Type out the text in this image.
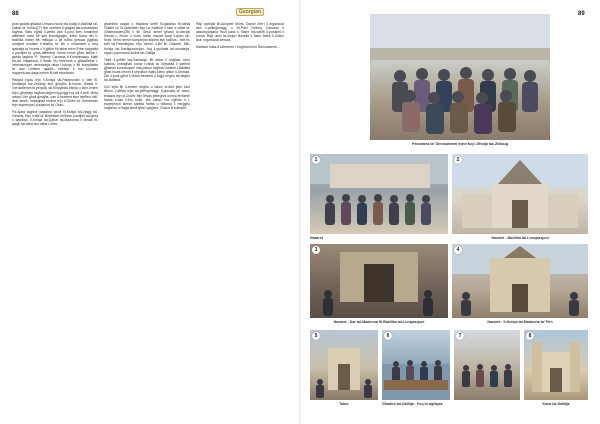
88	Georgian

post qaddis għalina l-Insara huwa bla dubju il-bazilika tal-Qabar ta' Kristu(27) fejn sebħew il-ġrajjiet tas-salvazzjoni tagħna. Bies ngħid il-wettit dan il-post kien totalment differenti minn kif qiet immaġinajtu. Minn barra din il-bażilika tidher ftit mitluqa u kif tidħol ġewwa jiġġħak ambjent mudlam b'sħaħru ta' ziti u ornamenti u rtha qawwija ta' incens u li jġibor fih aktar minn Erbin kappella u postijiet ta' qima differenti. Kienu mhux għax kellna l-gwida tagħna Fr 'Noemy Caruana il-Kummissarju Malti tal-Art Imqaddsa, li fisser lilu fehemna u għaddielna l-informazzjoni necessarja dwar l-istorja u ftit kumplikata ta' dan l-imkien qaddis, naħseb li ma konniex nappreżżaw daqs kemm fil-fatt inkwistatu.

Ħarġna nqdu lejn il-Knisja tal-Patarnoster u talb fil-Muntanja taż-Żebbuġ fejn ġimgħu lil-huma. Wasal il-Ġerusalemm fil-perjodu tal-Kristjanità bikrija u kien żmien fejn l-għajnejn tagħna dejjem tippoġġi fuq dik il-belt. Meta wasal l-ħin għall-ġimgħa, dan il-mument kien wieħed mill-iktar sbieħ. Imbagħad inżilna lejn il-Ġnien ta' Ġetsemani fejn stqarrejna l-pazjenza ta' Ġesù.

Fiż-żjara tagħna wasalna wkoll fil-Knisja tal-Vjaġġ tal-Ġewwa, fejn it-tfal ta' Betlehem kellhom postijiet tal-qima u qaddisa. Il-Knisja tal-Qabar tal-Madonna li tinsab fil-qiegħ tal-wied tan-naħa l-oħra.

għamilna waqfa u tħaddna sebħ fil-qaddisa fit-naħal Għarbi ta' lil-Qubeibeh fejn hu matbuħ li kien ir-raħal ta' Għammawes(35) li fih Ġesù dehel għand id-dixxipli Kleofa u Xmun u wara nofsu mxulat waqt il-qsim tal-ħobż. Minn hemm komplejna triqitna lejn Nablus - belt fit-taħt tal-Palestinjani, fejn hemm il-Bir ta' Ġakobb. Mill-Knisja tat-Trasfigurazzjoni, fuq il-quċċata tal-muntanja, rajna l-panorama kollha tal-Galilija.

Tafrit il-qofliet tas-Samarija, fitt aktar li bagħad minn Nablus, imbagħad żorna r-raħal ta' Sebastia li wiehed jgħandu konnessjoni mal-patrun tagħna Ġwanni l-Battista għax huwa hemm li sepulturi nqtilu kienu qtiluh il-Ġewwa. Din il-post jgħid li huwa ttemmet il-ħajja tiegħu tat-tiegħu tal-Battista.

Kull lejla fih it-tmiem tiegħu u dawn id-diet jiem taru lilhom, l-aħħar lejla tal-pellegrinaġġ. Il-ġurnata ta' wara, telaqna lejn id-Duver fejn bħala pellegrini konna ferħanin ħafna b'dak il-ħin kollu. Ma nistax ma ngħidx li l-esperjenza kienet sabiħa ħafna u nittama li nerġgħu nagħmlu xi ħaġa simili għal l-ġejjieni. Grazzi lil kulħadd.

Ħajr speċjali lill-Arċipriet Mons. Daniel Xerri li organizza dan il-pellegrinaġġ, u lill-Patri Noemy Caruana li akkumpanjana f'kull pass u fisser bis-sabiħ il-postijiet li żorna. Ħajr ukoll lis-sinjuri Bonello li ħadu ħsieb li kollox ikun organizzat sewwa.

Madwar fidas-8 kilometru 'l bogħod minn Ġerusalemm...

89
Panorama ta' Ġerusalemm minn fuq l-Għolja taż-Żebbuġ
1
Nazaret
2
Nazaret - Bażilika tal-Lunzjazzjoni
3
Nazaret - Dar tal-Madonna fil-Bażilika tal-Lunzjazzjoni
4
Nazaret - Il-Knisja tal-Madonna ta' Pirn
5
Tabor
6
Għadira tal-Galilija - Fuq id-dgħajsa
7	8
Kana tal-Galilija
